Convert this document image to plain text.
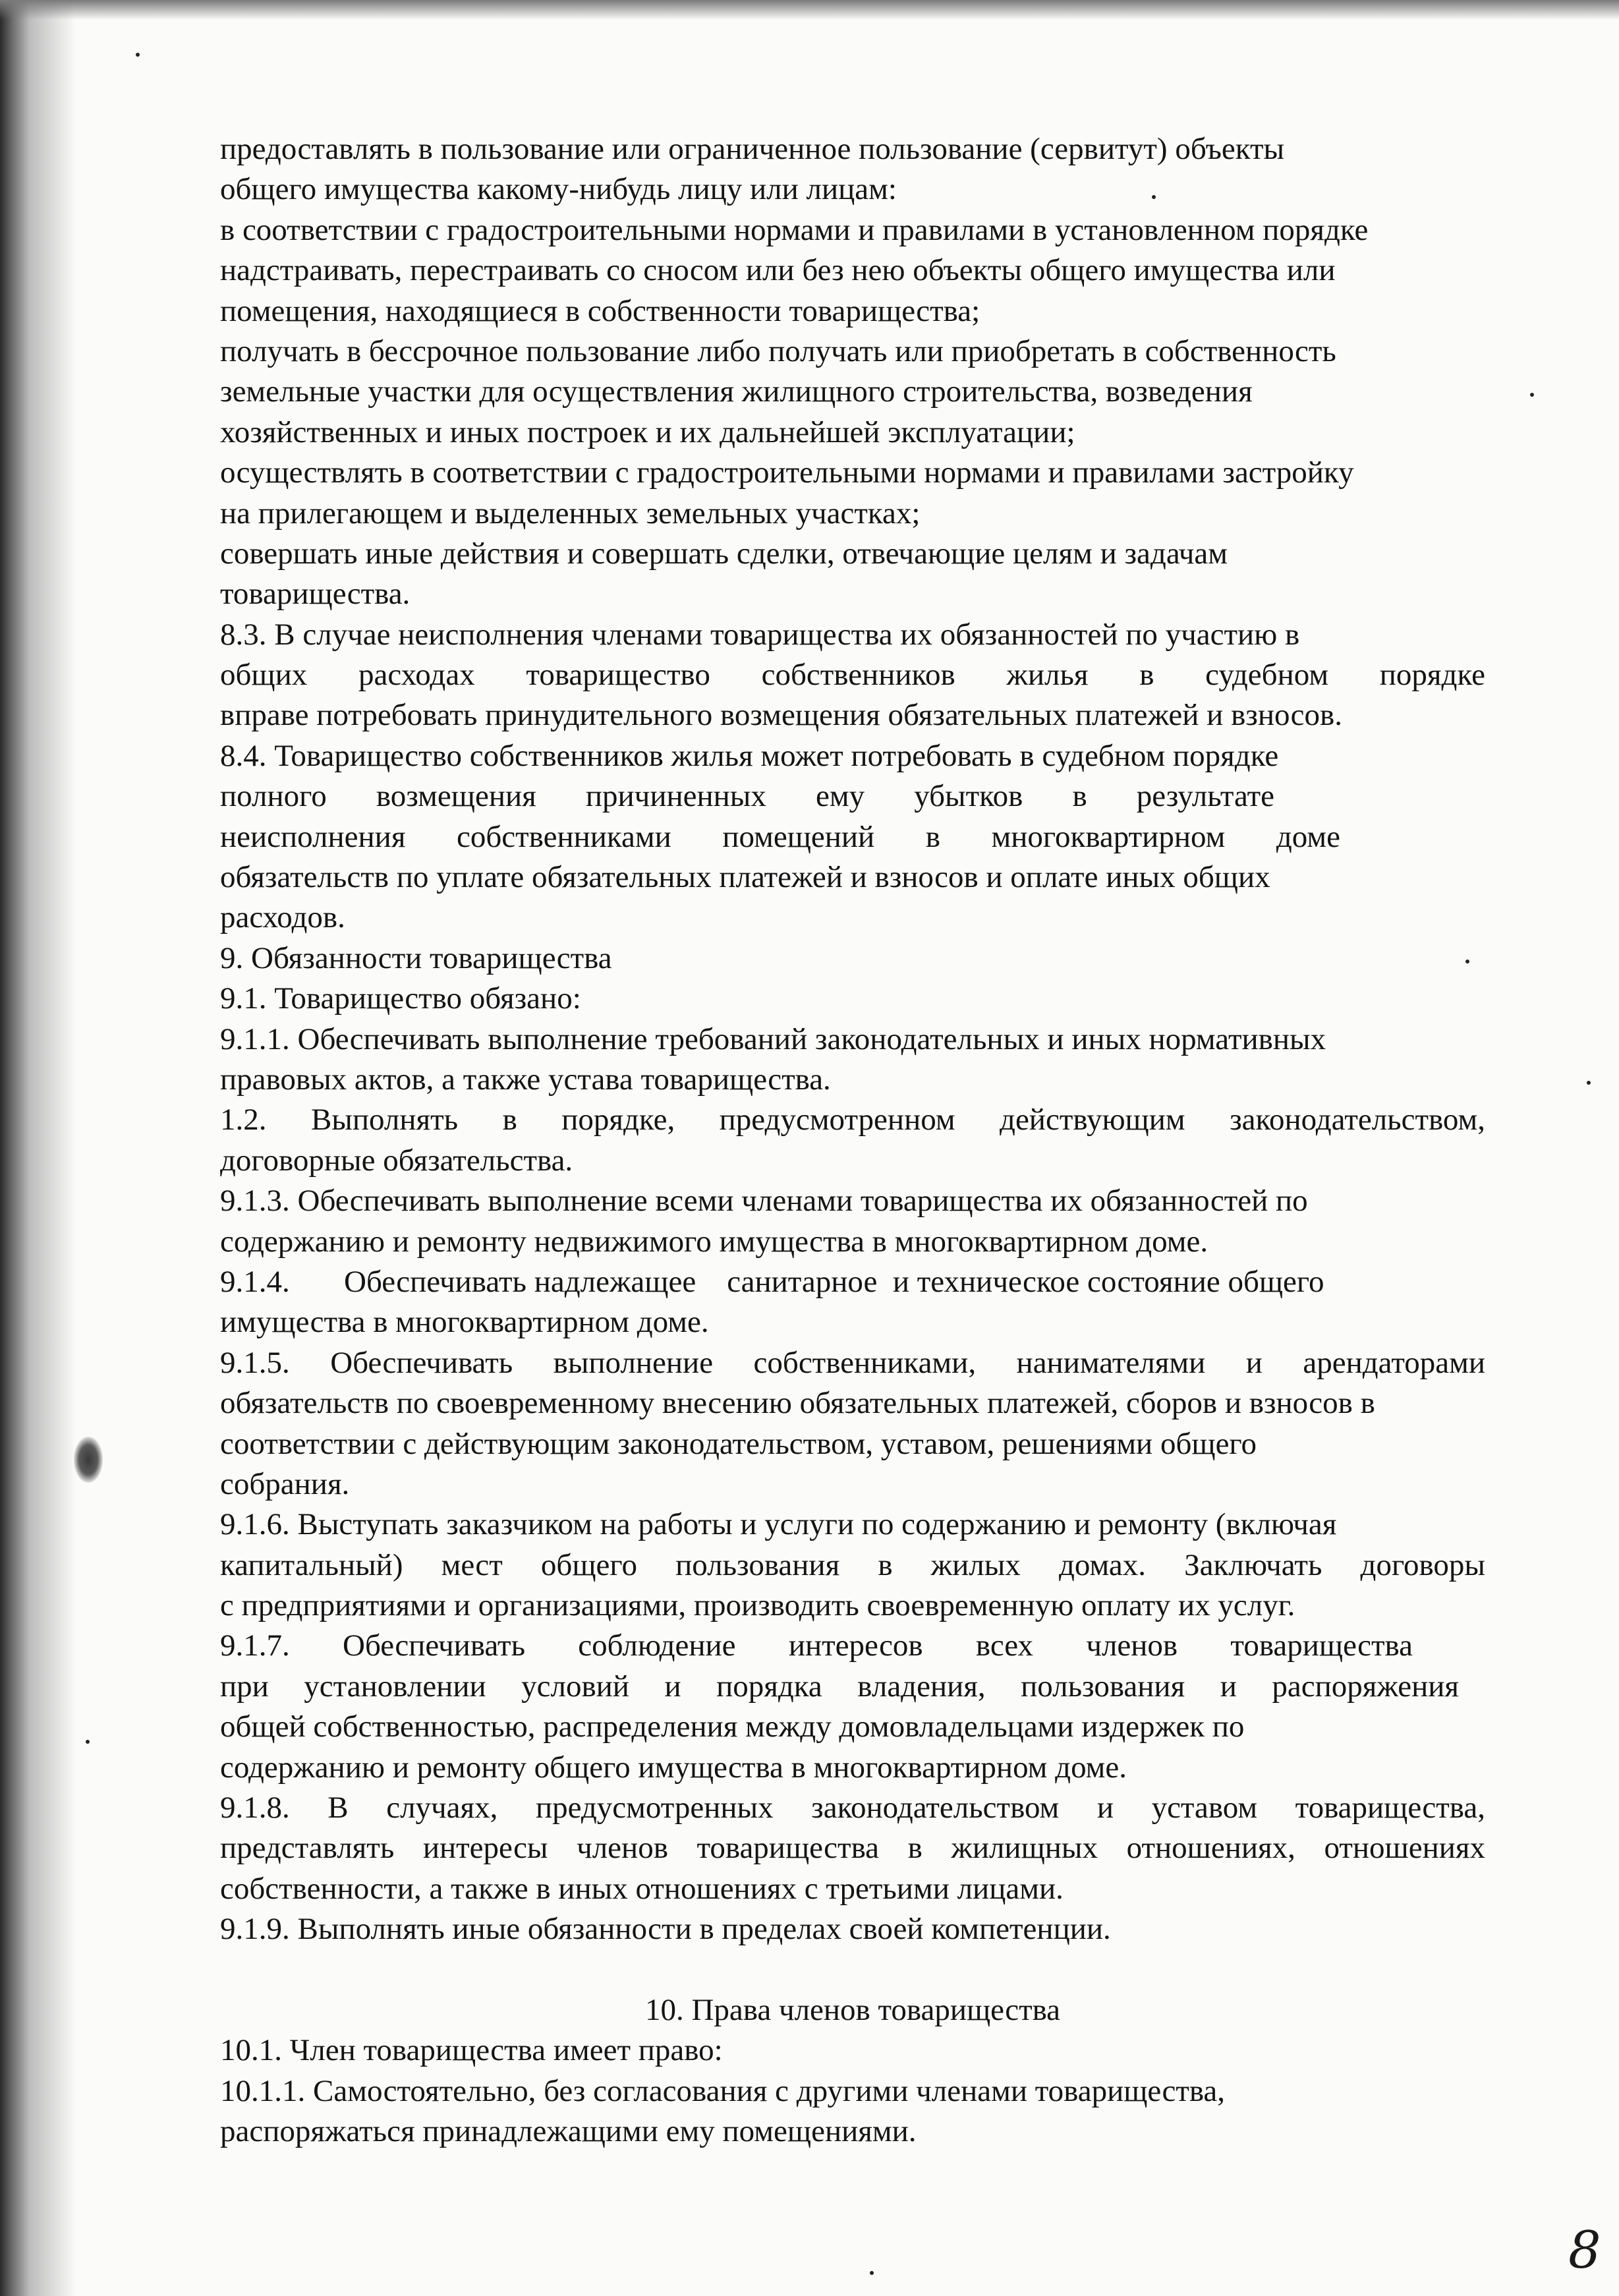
предоставлять в пользование или ограниченное пользование (сервитут) объекты
общего имущества какому-нибудь лицу или лицам:
в соответствии с градостроительными нормами и правилами в установленном порядке
надстраивать, перестраивать со сносом или без нею объекты общего имущества или
помещения, находящиеся в собственности товарищества;
получать в бессрочное пользование либо получать или приобретать в собственность
земельные участки для осуществления жилищного строительства, возведения
хозяйственных и иных построек и их дальнейшей эксплуатации;
осуществлять в соответствии с градостроительными нормами и правилами застройку
на прилегающем и выделенных земельных участках;
совершать иные действия и совершать сделки, отвечающие целям и задачам
товарищества.
8.3. В случае неисполнения членами товарищества их обязанностей по участию в
общих расходах товарищество собственников жилья в судебном порядке
вправе потребовать принудительного возмещения обязательных платежей и взносов.
8.4. Товарищество собственников жилья может потребовать в судебном порядке
полного возмещения причиненных ему убытков в результате
неисполнения собственниками помещений в многоквартирном доме
обязательств по уплате обязательных платежей и взносов и оплате иных общих
расходов.
9. Обязанности товарищества
9.1. Товарищество обязано:
9.1.1. Обеспечивать выполнение требований законодательных и иных нормативных
правовых актов, а также устава товарищества.
1.2. Выполнять в порядке, предусмотренном действующим законодательством,
договорные обязательства.
9.1.3. Обеспечивать выполнение всеми членами товарищества их обязанностей по
содержанию и ремонту недвижимого имущества в многоквартирном доме.
9.1.4.       Обеспечивать надлежащее    санитарное  и техническое состояние общего
имущества в многоквартирном доме.
9.1.5. Обеспечивать выполнение собственниками, нанимателями и арендаторами
обязательств по своевременному внесению обязательных платежей, сборов и взносов в
соответствии с действующим законодательством, уставом, решениями общего
собрания.
9.1.6. Выступать заказчиком на работы и услуги по содержанию и ремонту (включая
капитальный) мест общего пользования в жилых домах. Заключать договоры
с предприятиями и организациями, производить своевременную оплату их услуг.
9.1.7. Обеспечивать соблюдение интересов всех членов товарищества
при установлении условий и порядка владения, пользования и распоряжения
общей собственностью, распределения между домовладельцами издержек по
содержанию и ремонту общего имущества в многоквартирном доме.
9.1.8. В случаях, предусмотренных законодательством и уставом товарищества,
представлять интересы членов товарищества в жилищных отношениях, отношениях
собственности, а также в иных отношениях с третьими лицами.
9.1.9. Выполнять иные обязанности в пределах своей компетенции.
10. Права членов товарищества
10.1. Член товарищества имеет право:
10.1.1. Самостоятельно, без согласования с другими членами товарищества,
распоряжаться принадлежащими ему помещениями.
8
